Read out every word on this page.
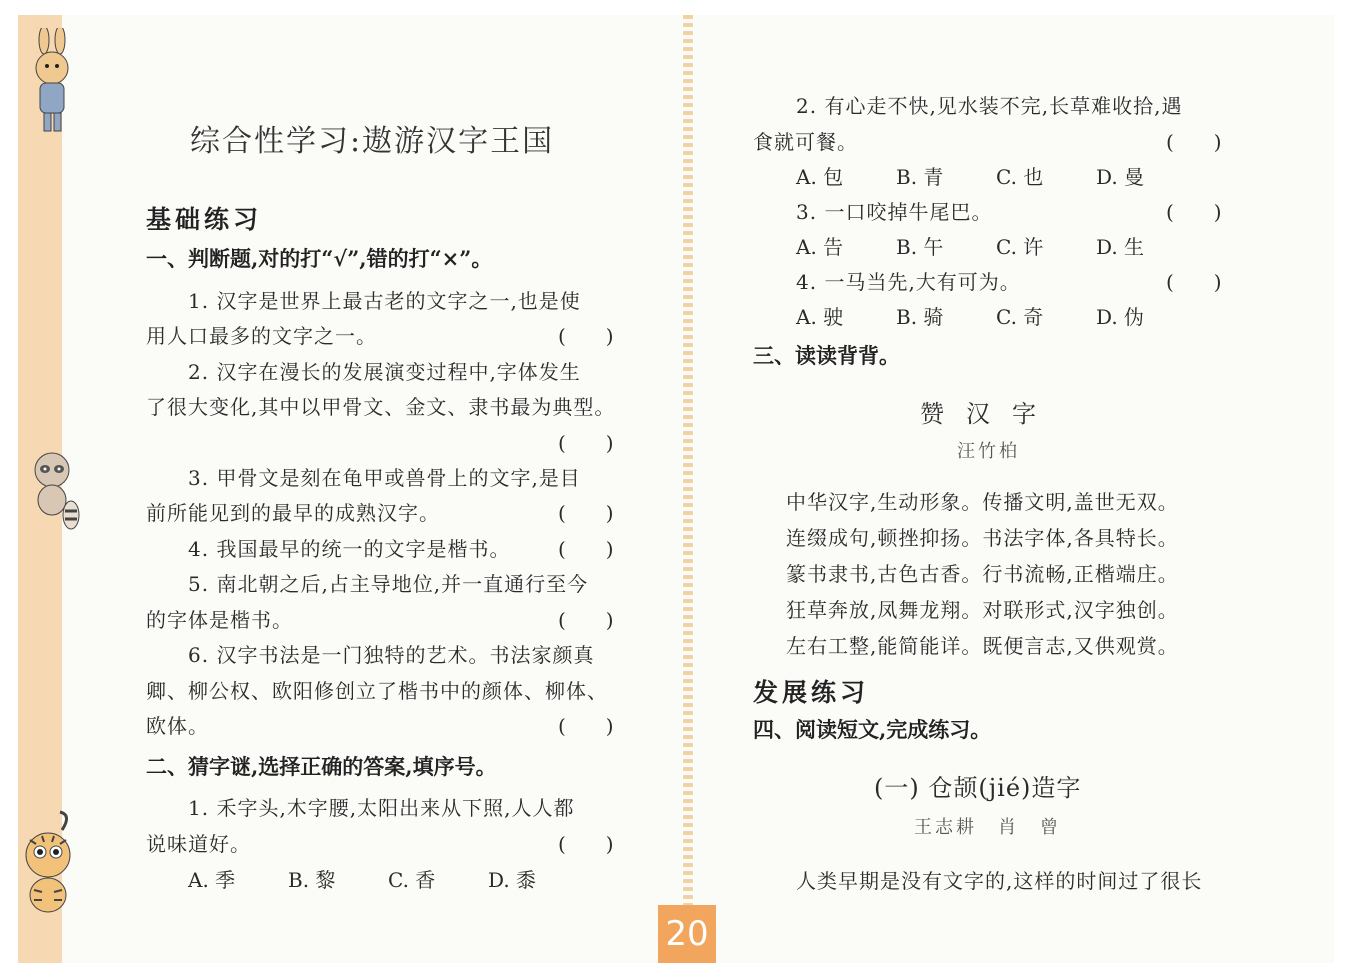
综合性学习:遨游汉字王国
基础练习
一、判断题,对的打“√”,错的打“×”。
1. 汉字是世界上最古老的文字之一,也是使
用人口最多的文字之一。	(　　)
2. 汉字在漫长的发展演变过程中,字体发生
了很大变化,其中以甲骨文、金文、隶书最为典型。
(　　)
3. 甲骨文是刻在龟甲或兽骨上的文字,是目
前所能见到的最早的成熟汉字。	(　　)
4. 我国最早的统一的文字是楷书。 (　　)
5. 南北朝之后,占主导地位,并一直通行至今
的字体是楷书。	(　　)
6. 汉字书法是一门独特的艺术。书法家颜真
卿、柳公权、欧阳修创立了楷书中的颜体、柳体、
欧体。	(　　)
二、猜字谜,选择正确的答案,填序号。
1. 禾字头,木字腰,太阳出来从下照,人人都
说味道好。	(　　)
A. 季	B. 黎	C. 香	D. 黍
2. 有心走不快,见水装不完,长草难收拾,遇
食就可餐。	(　　)
A. 包	B. 青	C. 也	D. 曼
3. 一口咬掉牛尾巴。	(　　)
A. 告	B. 午	C. 许	D. 生
4. 一马当先,大有可为。	(　　)
A. 驶	B. 骑	C. 奇	D. 伪
三、读读背背。
赞汉字
汪竹柏
中华汉字,生动形象。传播文明,盖世无双。
连缀成句,顿挫抑扬。书法字体,各具特长。
篆书隶书,古色古香。行书流畅,正楷端庄。
狂草奔放,凤舞龙翔。对联形式,汉字独创。
左右工整,能简能详。既便言志,又供观赏。
发展练习
四、阅读短文,完成练习。
(一) 仓颉(jié)造字
王志耕　肖　曾
人类早期是没有文字的,这样的时间过了很长
20
